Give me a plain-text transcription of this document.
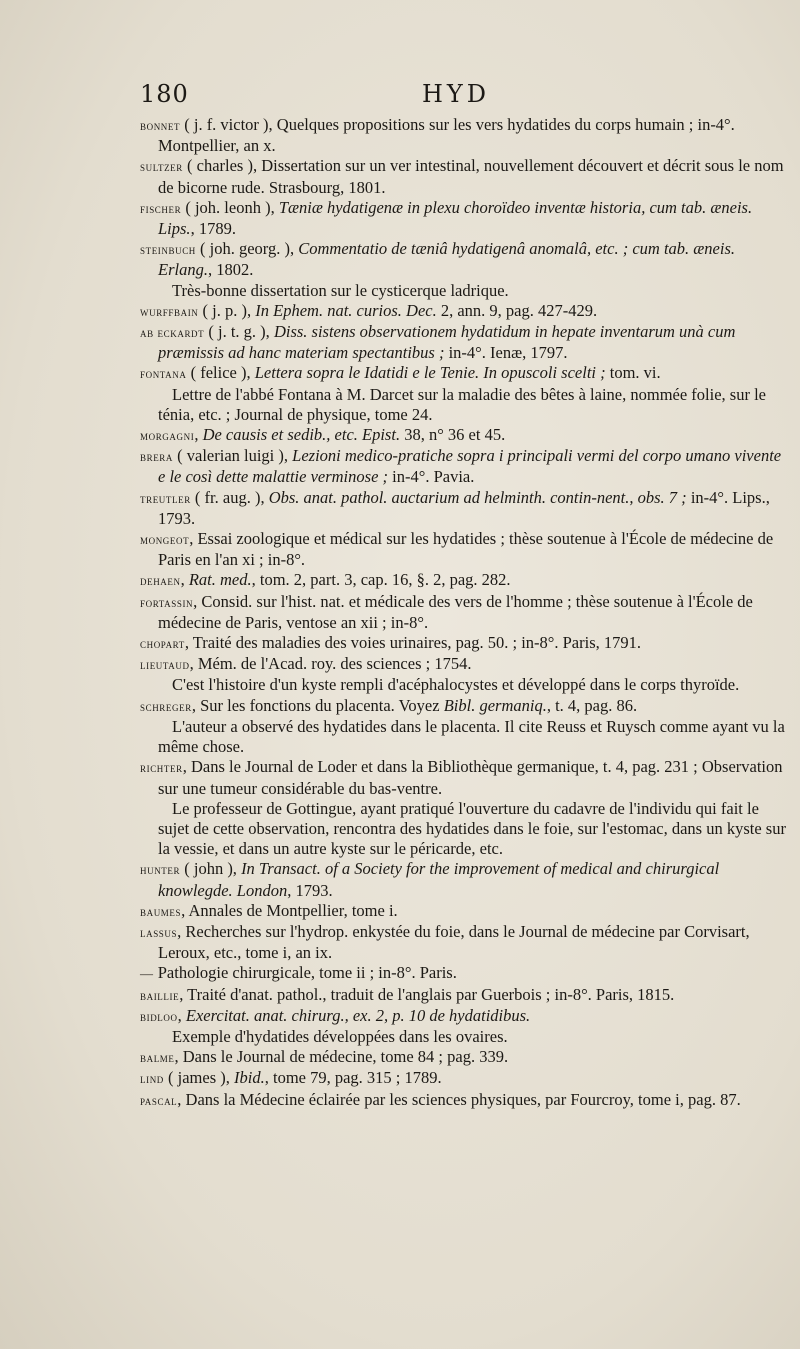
180	HYD

bonnet ( j. f. victor ), Quelques propositions sur les vers hydatides du corps humain ; in-4°. Montpellier, an x.

sultzer ( charles ), Dissertation sur un ver intestinal, nouvellement découvert et décrit sous le nom de bicorne rude. Strasbourg, 1801.

fischer ( joh. leonh ), Tæniæ hydatigenæ in plexu choroïdeo inventæ historia, cum tab. æneis. Lips., 1789.

steinbuch ( joh. georg. ), Commentatio de tæniâ hydatigenâ anomalâ, etc. ; cum tab. æneis. Erlang., 1802.

Très-bonne dissertation sur le cysticerque ladrique.

wurffbain ( j. p. ), In Ephem. nat. curios. Dec. 2, ann. 9, pag. 427-429.

ab eckardt ( j. t. g. ), Diss. sistens observationem hydatidum in hepate inventarum unà cum præmissis ad hanc materiam spectantibus ; in-4°. Ienæ, 1797.

fontana ( felice ), Lettera sopra le Idatidi e le Tenie. In opuscoli scelti ; tom. vi.

Lettre de l'abbé Fontana à M. Darcet sur la maladie des bêtes à laine, nommée folie, sur le ténia, etc. ; Journal de physique, tome 24.

morgagni, De causis et sedib., etc. Epist. 38, n° 36 et 45.

brera ( valerian luigi ), Lezioni medico-pratiche sopra i principali vermi del corpo umano vivente e le così dette malattie verminose ; in-4°. Pavia.

treutler ( fr. aug. ), Obs. anat. pathol. auctarium ad helminth. contin-nent., obs. 7 ; in-4°. Lips., 1793.

mongeot, Essai zoologique et médical sur les hydatides ; thèse soutenue à l'École de médecine de Paris en l'an xi ; in-8°.

dehaen, Rat. med., tom. 2, part. 3, cap. 16, §. 2, pag. 282.

fortassin, Consid. sur l'hist. nat. et médicale des vers de l'homme ; thèse soutenue à l'École de médecine de Paris, ventose an xii ; in-8°.

chopart, Traité des maladies des voies urinaires, pag. 50. ; in-8°. Paris, 1791.

lieutaud, Mém. de l'Acad. roy. des sciences ; 1754.

C'est l'histoire d'un kyste rempli d'acéphalocystes et développé dans le corps thyroïde.

schreger, Sur les fonctions du placenta. Voyez Bibl. germaniq., t. 4, pag. 86.

L'auteur a observé des hydatides dans le placenta. Il cite Reuss et Ruysch comme ayant vu la même chose.

richter, Dans le Journal de Loder et dans la Bibliothèque germanique, t. 4, pag. 231 ; Observation sur une tumeur considérable du bas-ventre.

Le professeur de Gottingue, ayant pratiqué l'ouverture du cadavre de l'individu qui fait le sujet de cette observation, rencontra des hydatides dans le foie, sur l'estomac, dans un kyste sur la vessie, et dans un autre kyste sur le péricarde, etc.

hunter ( john ), In Transact. of a Society for the improvement of medical and chirurgical knowlegde. London, 1793.

baumes, Annales de Montpellier, tome i.

lassus, Recherches sur l'hydrop. enkystée du foie, dans le Journal de médecine par Corvisart, Leroux, etc., tome i, an ix.

— Pathologie chirurgicale, tome ii ; in-8°. Paris.

baillie, Traité d'anat. pathol., traduit de l'anglais par Guerbois ; in-8°. Paris, 1815.

bidloo, Exercitat. anat. chirurg., ex. 2, p. 10 de hydatidibus.

Exemple d'hydatides développées dans les ovaires.

balme, Dans le Journal de médecine, tome 84 ; pag. 339.

lind ( james ), Ibid., tome 79, pag. 315 ; 1789.

pascal, Dans la Médecine éclairée par les sciences physiques, par Fourcroy, tome i, pag. 87.
